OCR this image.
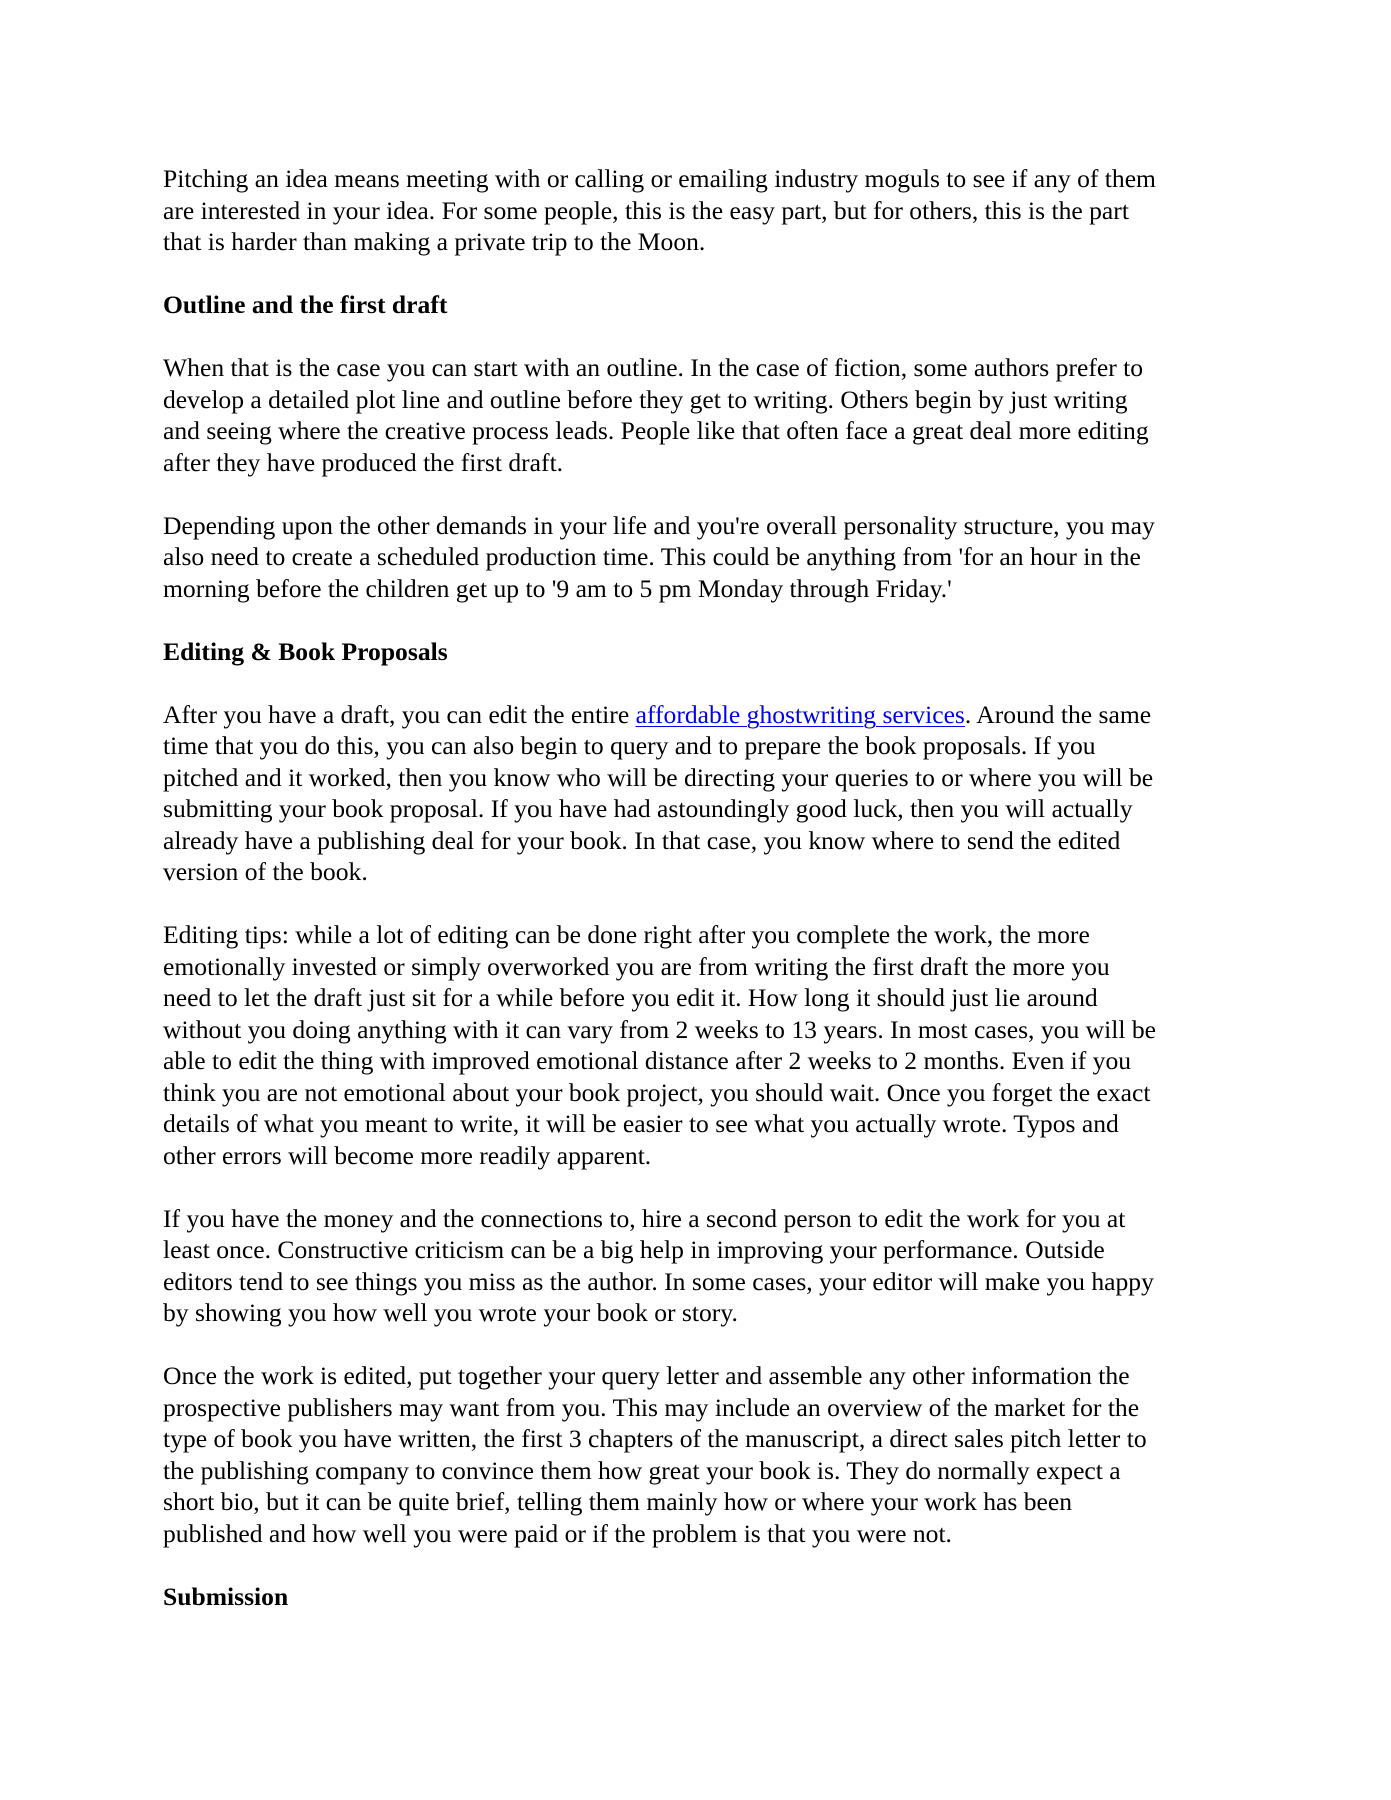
Pitching an idea means meeting with or calling or emailing industry moguls to see if any of them
are interested in your idea. For some people, this is the easy part, but for others, this is the part
that is harder than making a private trip to the Moon.

Outline and the first draft

When that is the case you can start with an outline. In the case of fiction, some authors prefer to
develop a detailed plot line and outline before they get to writing. Others begin by just writing
and seeing where the creative process leads. People like that often face a great deal more editing
after they have produced the first draft.

Depending upon the other demands in your life and you're overall personality structure, you may
also need to create a scheduled production time. This could be anything from 'for an hour in the
morning before the children get up to '9 am to 5 pm Monday through Friday.'

Editing & Book Proposals

After you have a draft, you can edit the entire affordable ghostwriting services. Around the same
time that you do this, you can also begin to query and to prepare the book proposals. If you
pitched and it worked, then you know who will be directing your queries to or where you will be
submitting your book proposal. If you have had astoundingly good luck, then you will actually
already have a publishing deal for your book. In that case, you know where to send the edited
version of the book.

Editing tips: while a lot of editing can be done right after you complete the work, the more
emotionally invested or simply overworked you are from writing the first draft the more you
need to let the draft just sit for a while before you edit it. How long it should just lie around
without you doing anything with it can vary from 2 weeks to 13 years. In most cases, you will be
able to edit the thing with improved emotional distance after 2 weeks to 2 months. Even if you
think you are not emotional about your book project, you should wait. Once you forget the exact
details of what you meant to write, it will be easier to see what you actually wrote. Typos and
other errors will become more readily apparent.

If you have the money and the connections to, hire a second person to edit the work for you at
least once. Constructive criticism can be a big help in improving your performance. Outside
editors tend to see things you miss as the author. In some cases, your editor will make you happy
by showing you how well you wrote your book or story.

Once the work is edited, put together your query letter and assemble any other information the
prospective publishers may want from you. This may include an overview of the market for the
type of book you have written, the first 3 chapters of the manuscript, a direct sales pitch letter to
the publishing company to convince them how great your book is. They do normally expect a
short bio, but it can be quite brief, telling them mainly how or where your work has been
published and how well you were paid or if the problem is that you were not.

Submission
